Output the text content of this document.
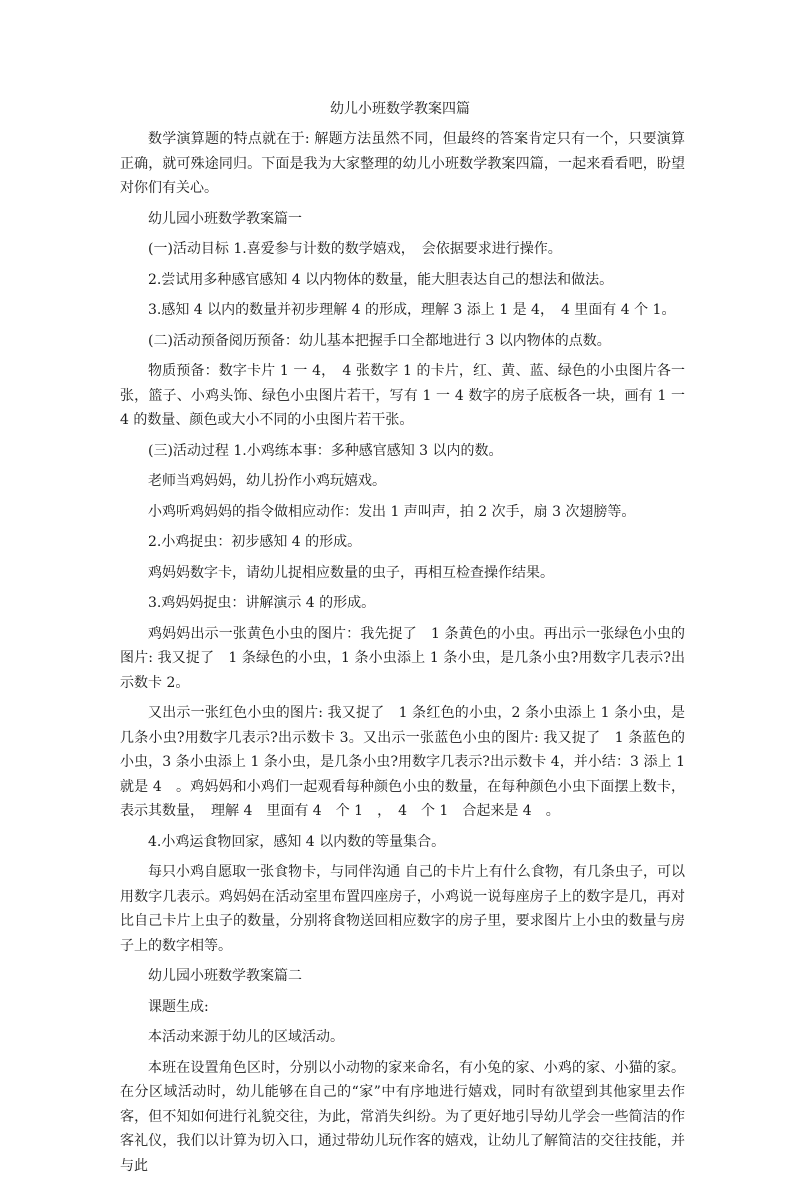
幼儿小班数学教案四篇

数学演算题的特点就在于: 解题方法虽然不同，但最终的答案肯定只有一个，只要演算正确，就可殊途同归。下面是我为大家整理的幼儿小班数学教案四篇，一起来看看吧，盼望对你们有关心。

幼儿园小班数学教案篇一

(一)活动目标 1.喜爱参与计数的数学嬉戏，　会依据要求进行操作。

2.尝试用多种感官感知 4 以内物体的数量，能大胆表达自己的想法和做法。

3.感知 4 以内的数量并初步理解 4 的形成，理解 3 添上 1 是 4，　4 里面有 4 个 1。

(二)活动预备阅历预备：幼儿基本把握手口全都地进行 3 以内物体的点数。

物质预备：数字卡片 1 一 4，　4 张数字 1 的卡片，红、黄、蓝、绿色的小虫图片各一张，篮子、小鸡头饰、绿色小虫图片若干，写有 1 一 4 数字的房子底板各一块，画有 1 一 4 的数量、颜色或大小不同的小虫图片若干张。

(三)活动过程 1.小鸡练本事：多种感官感知 3 以内的数。

老师当鸡妈妈，幼儿扮作小鸡玩嬉戏。

小鸡听鸡妈妈的指令做相应动作：发出 1 声叫声，拍 2 次手，扇 3 次翅膀等。

2.小鸡捉虫：初步感知 4 的形成。

鸡妈妈数字卡，请幼儿捉相应数量的虫子，再相互检查操作结果。

3.鸡妈妈捉虫：讲解演示 4 的形成。

鸡妈妈出示一张黄色小虫的图片：我先捉了　1 条黄色的小虫。再出示一张绿色小虫的图片: 我又捉了　1 条绿色的小虫，1 条小虫添上 1 条小虫，是几条小虫?用数字几表示?出示数卡 2。

又出示一张红色小虫的图片: 我又捉了　1 条红色的小虫，2 条小虫添上 1 条小虫，是几条小虫?用数字几表示?出示数卡 3。又出示一张蓝色小虫的图片: 我又捉了　1 条蓝色的小虫，3 条小虫添上 1 条小虫，是几条小虫?用数字几表示?出示数卡 4，并小结：3 添上 1　就是 4　。鸡妈妈和小鸡们一起观看每种颜色小虫的数量，在每种颜色小虫下面摆上数卡，表示其数量，　理解 4　里面有 4　个 1　，　4　个 1　合起来是 4　。

4.小鸡运食物回家，感知 4 以内数的等量集合。

每只小鸡自愿取一张食物卡，与同伴沟通 自己的卡片上有什么食物，有几条虫子，可以用数字几表示。鸡妈妈在活动室里布置四座房子，小鸡说一说每座房子上的数字是几，再对比自己卡片上虫子的数量，分别将食物送回相应数字的房子里，要求图片上小虫的数量与房子上的数字相等。

幼儿园小班数学教案篇二

课题生成:

本活动来源于幼儿的区域活动。

本班在设置角色区时，分别以小动物的家来命名，有小兔的家、小鸡的家、小猫的家。在分区域活动时，幼儿能够在自己的“家”中有序地进行嬉戏，同时有欲望到其他家里去作客，但不知如何进行礼貌交往，为此，常消失纠纷。为了更好地引导幼儿学会一些简洁的作客礼仪，我们以计算为切入口，通过带幼儿玩作客的嬉戏，让幼儿了解简洁的交往技能，并与此
